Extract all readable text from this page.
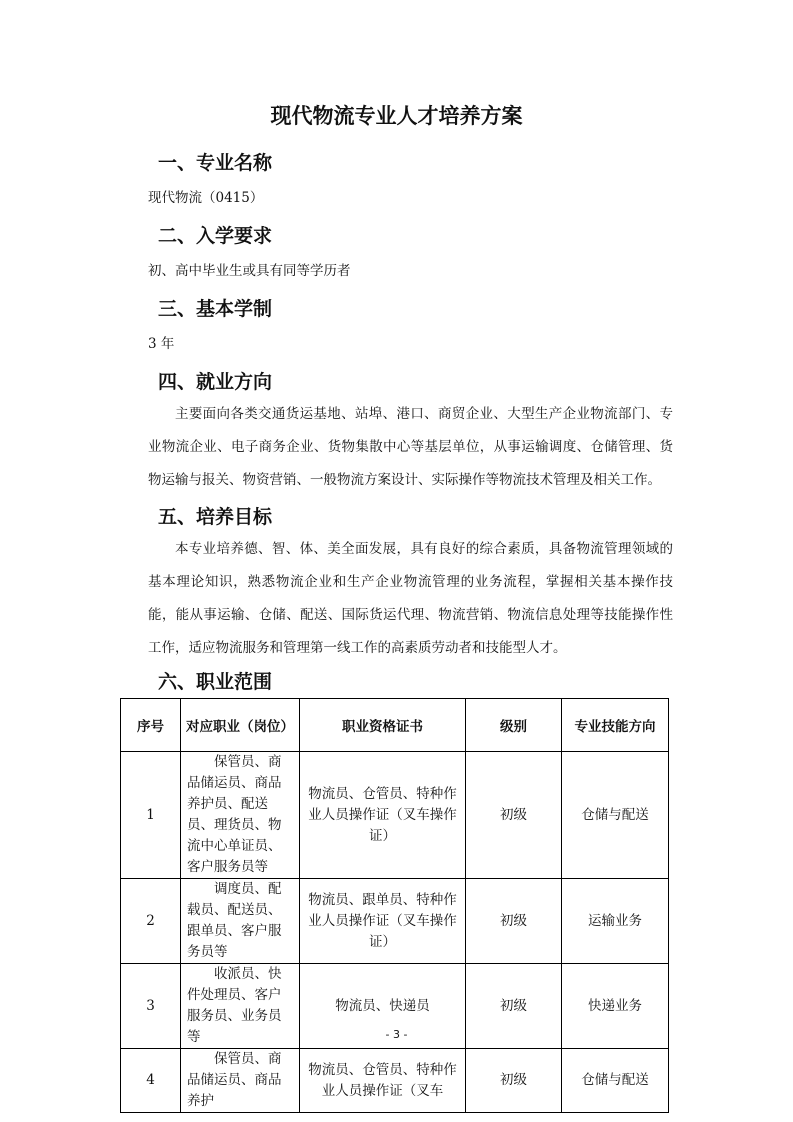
现代物流专业人才培养方案
一、专业名称
现代物流（0415）
二、入学要求
初、高中毕业生或具有同等学历者
三、基本学制
3 年
四、就业方向
主要面向各类交通货运基地、站埠、港口、商贸企业、大型生产企业物流部门、专业物流企业、电子商务企业、货物集散中心等基层单位，从事运输调度、仓储管理、货物运输与报关、物资营销、一般物流方案设计、实际操作等物流技术管理及相关工作。
五、培养目标
本专业培养德、智、体、美全面发展，具有良好的综合素质，具备物流管理领域的基本理论知识，熟悉物流企业和生产企业物流管理的业务流程，掌握相关基本操作技能，能从事运输、仓储、配送、国际货运代理、物流营销、物流信息处理等技能操作性工作，适应物流服务和管理第一线工作的高素质劳动者和技能型人才。
六、职业范围
序号	对应职业（岗位）	职业资格证书	级别	专业技能方向
1	保管员、商品储运员、商品养护员、配送员、理货员、物流中心单证员、客户服务员等	物流员、仓管员、特种作业人员操作证（叉车操作证）	初级	仓储与配送
2	调度员、配载员、配送员、跟单员、客户服务员等	物流员、跟单员、特种作业人员操作证（叉车操作证）	初级	运输业务
3	收派员、快件处理员、客户服务员、业务员等	物流员、快递员	初级	快递业务
4	保管员、商品储运员、商品养护	物流员、仓管员、特种作业人员操作证（叉车	初级	仓储与配送
- 3 -
